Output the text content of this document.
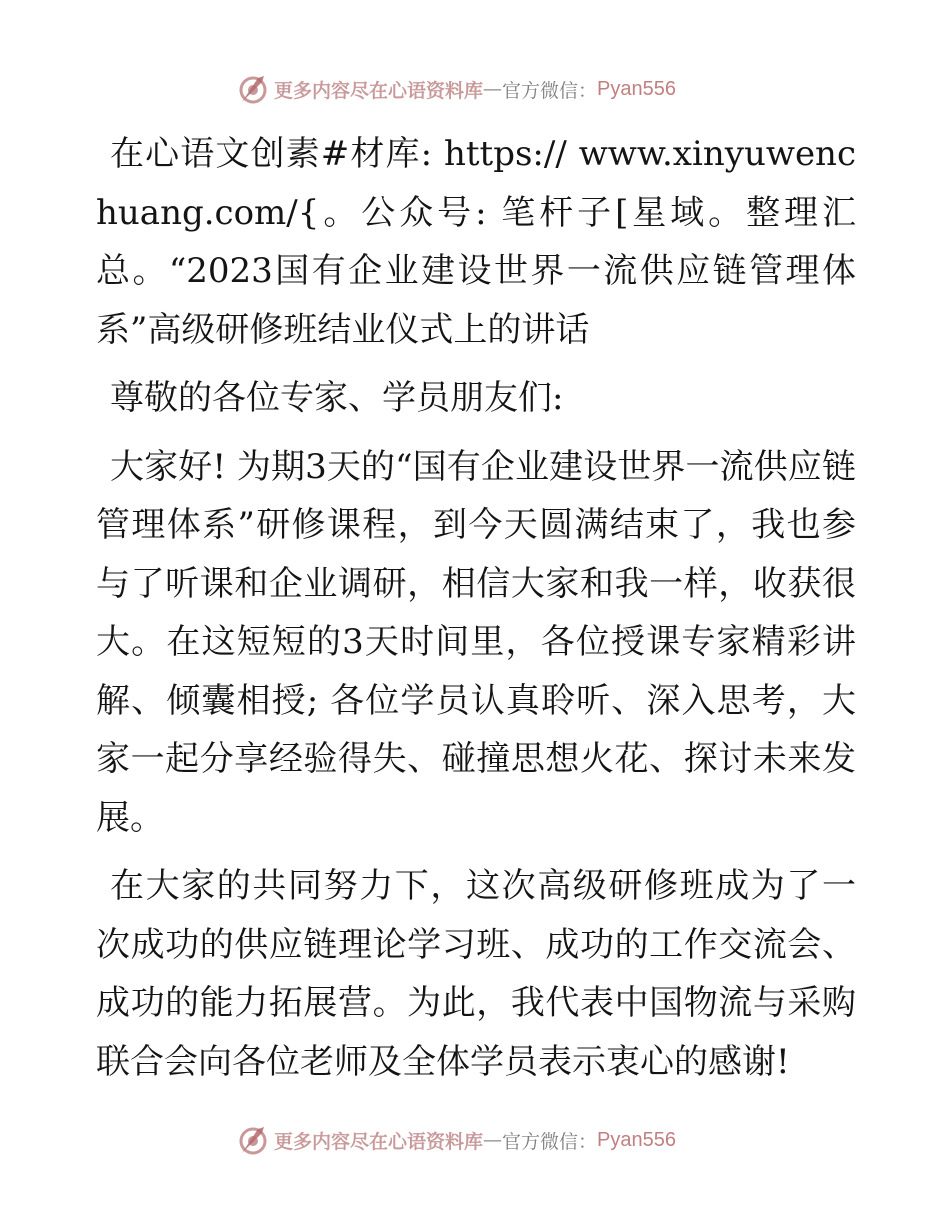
更多内容尽在心语资料库 — 官方微信： Pyan556

在心语文创素#材库: https:// www.xinyuwenchuang.com/{。公众号: 笔杆子[星域。整理汇总。“2023国有企业建设世界一流供应链管理体系”高级研修班结业仪式上的讲话

尊敬的各位专家、学员朋友们:

大家好! 为期3天的“国有企业建设世界一流供应链管理体系”研修课程，到今天圆满结束了，我也参与了听课和企业调研，相信大家和我一样，收获很大。在这短短的3天时间里，各位授课专家精彩讲解、倾囊相授; 各位学员认真聆听、深入思考，大家一起分享经验得失、碰撞思想火花、探讨未来发展。

在大家的共同努力下，这次高级研修班成为了一次成功的供应链理论学习班、成功的工作交流会、成功的能力拓展营。为此，我代表中国物流与采购联合会向各位老师及全体学员表示衷心的感谢!

更多内容尽在心语资料库 — 官方微信： Pyan556
